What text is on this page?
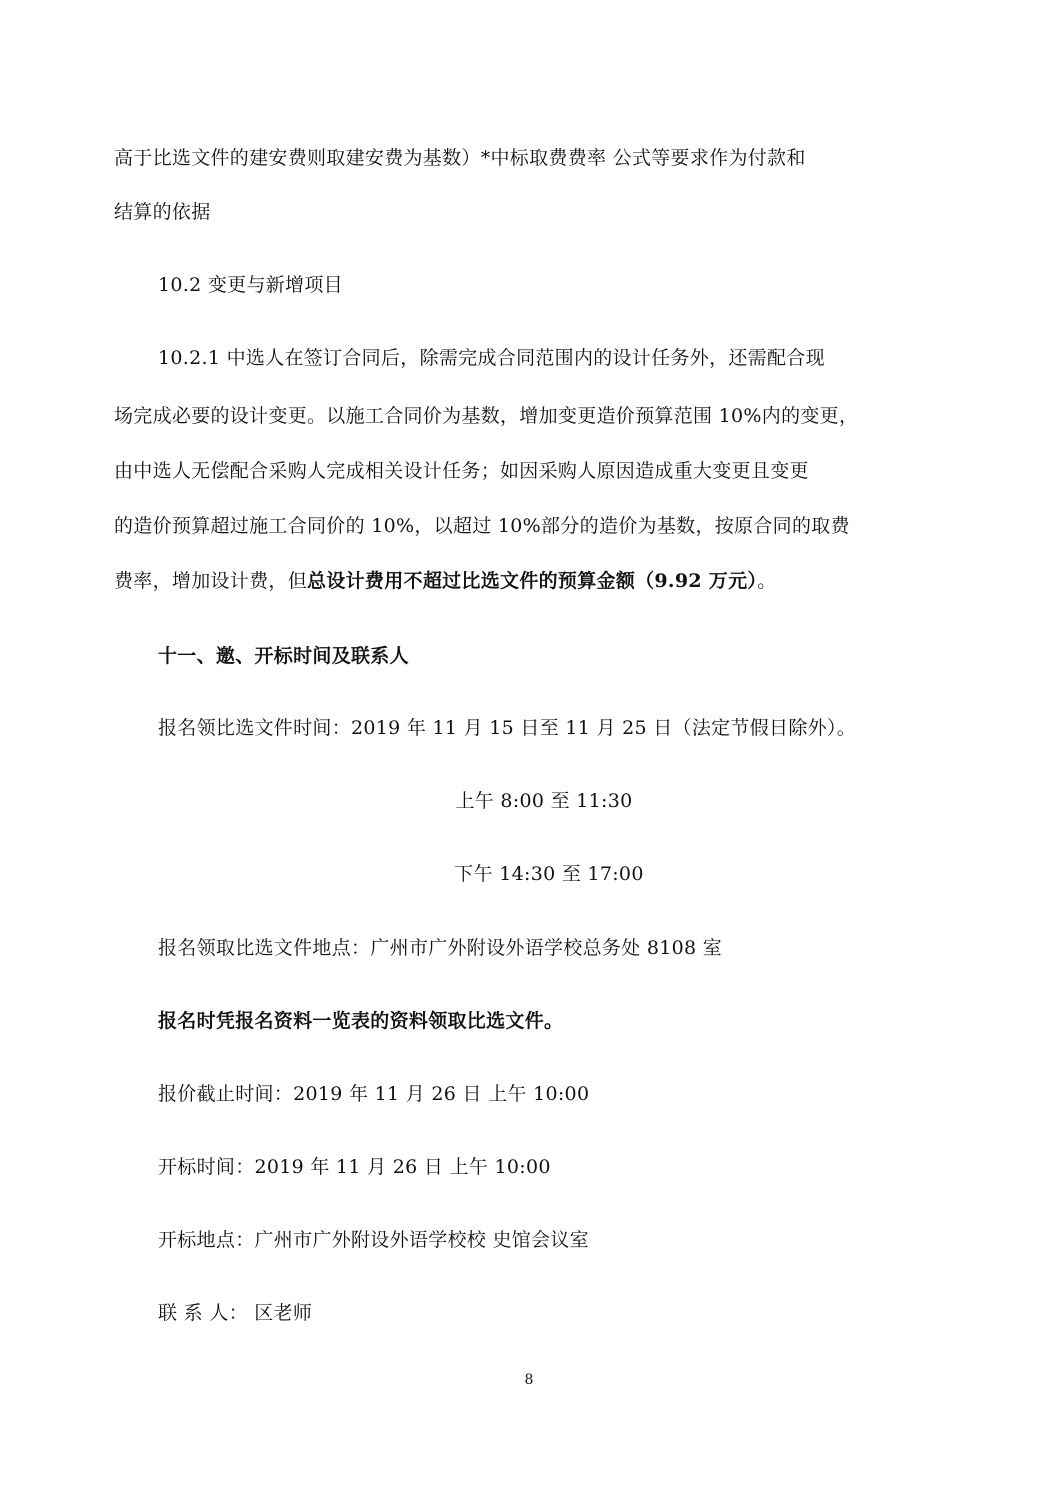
高于比选文件的建安费则取建安费为基数）*中标取费费率 公式等要求作为付款和
结算的依据
10.2 变更与新增项目
10.2.1 中选人在签订合同后，除需完成合同范围内的设计任务外，还需配合现
场完成必要的设计变更。以施工合同价为基数，增加变更造价预算范围 10%内的变更，
由中选人无偿配合采购人完成相关设计任务；如因采购人原因造成重大变更且变更
的造价预算超过施工合同价的 10%，以超过 10%部分的造价为基数，按原合同的取费
费率，增加设计费，但总设计费用不超过比选文件的预算金额（9.92 万元）。
十一、邀、开标时间及联系人
报名领比选文件时间：2019 年 11 月 15 日至 11 月 25 日（法定节假日除外）。
上午 8:00 至 11:30
下午 14:30 至 17:00
报名领取比选文件地点：广州市广外附设外语学校总务处 8108 室
报名时凭报名资料一览表的资料领取比选文件。
报价截止时间：2019 年 11 月 26 日 上午 10:00
开标时间：2019 年 11 月 26 日 上午 10:00
开标地点：广州市广外附设外语学校校 史馆会议室
联 系 人： 区老师
8
